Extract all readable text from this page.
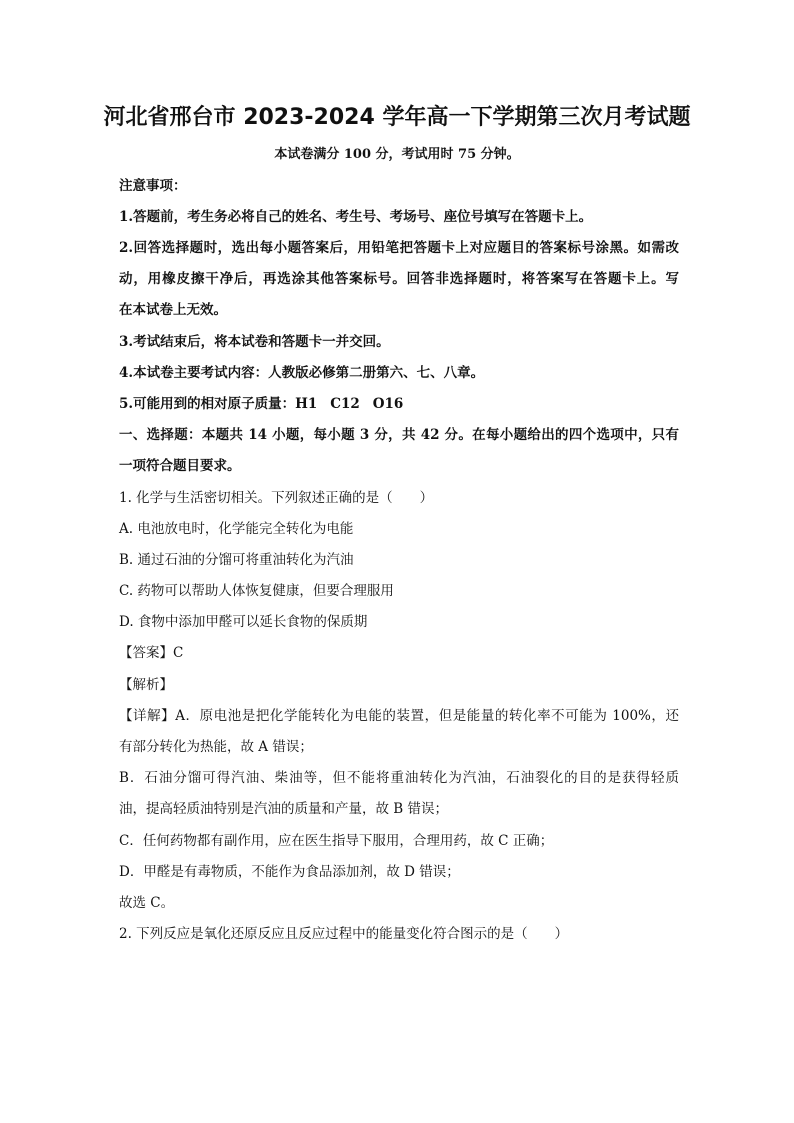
河北省邢台市 2023-2024 学年高一下学期第三次月考试题
本试卷满分 100 分，考试用时 75 分钟。
注意事项：
1.答题前，考生务必将自己的姓名、考生号、考场号、座位号填写在答题卡上。
2.回答选择题时，选出每小题答案后，用铅笔把答题卡上对应题目的答案标号涂黑。如需改
动，用橡皮擦干净后，再选涂其他答案标号。回答非选择题时，将答案写在答题卡上。写
在本试卷上无效。
3.考试结束后，将本试卷和答题卡一并交回。
4.本试卷主要考试内容：人教版必修第二册第六、七、八章。
5.可能用到的相对原子质量：H1 C12 O16
一、选择题：本题共 14 小题，每小题 3 分，共 42 分。在每小题给出的四个选项中，只有
一项符合题目要求。
1. 化学与生活密切相关。下列叙述正确的是（　　）
A. 电池放电时，化学能完全转化为电能
B. 通过石油的分馏可将重油转化为汽油
C. 药物可以帮助人体恢复健康，但要合理服用
D. 食物中添加甲醛可以延长食物的保质期
【答案】C
【解析】
【详解】A．原电池是把化学能转化为电能的装置，但是能量的转化率不可能为 100%，还
有部分转化为热能，故 A 错误；
B．石油分馏可得汽油、柴油等，但不能将重油转化为汽油，石油裂化的目的是获得轻质
油，提高轻质油特别是汽油的质量和产量，故 B 错误；
C．任何药物都有副作用，应在医生指导下服用，合理用药，故 C 正确；
D．甲醛是有毒物质，不能作为食品添加剂，故 D 错误；
故选 C。
2. 下列反应是氧化还原反应且反应过程中的能量变化符合图示的是（　　）
